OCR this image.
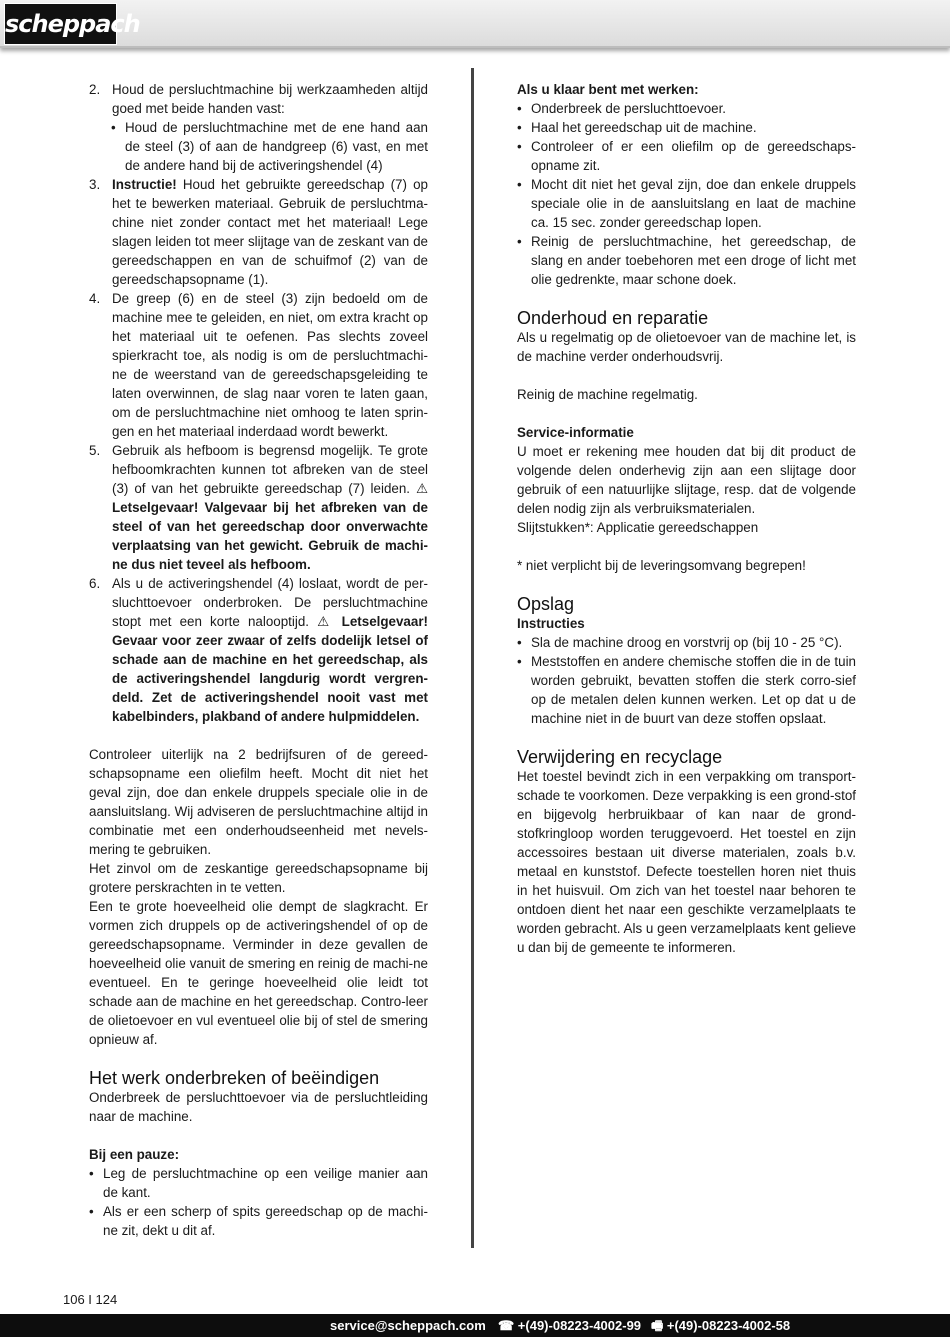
scheppach
2. Houd de persluchtmachine bij werkzaamheden altijd goed met beide handen vast:
• Houd de persluchtmachine met de ene hand aan de steel (3) of aan de handgreep (6) vast, en met de andere hand bij de activeringshendel (4)
3. Instructie! Houd het gebruikte gereedschap (7) op het te bewerken materiaal. Gebruik de persluchtma-chine niet zonder contact met het materiaal! Lege slagen leiden tot meer slijtage van de zeskant van de gereedschappen en van de schuifmof (2) van de gereedschapsopname (1).
4. De greep (6) en de steel (3) zijn bedoeld om de machine mee te geleiden, en niet, om extra kracht op het materiaal uit te oefenen. Pas slechts zoveel spierkracht toe, als nodig is om de persluchtmachi-ne de weerstand van de gereedschapsgeleiding te laten overwinnen, de slag naar voren te laten gaan, om de persluchtmachine niet omhoog te laten sprin-gen en het materiaal inderdaad wordt bewerkt.
5. Gebruik als hefboom is begrensd mogelijk. Te grote hefboomkrachten kunnen tot afbreken van de steel (3) of van het gebruikte gereedschap (7) leiden. ⚠ Letselgevaar! Valgevaar bij het afbreken van de steel of van het gereedschap door onverwachte verplaatsing van het gewicht. Gebruik de machi-ne dus niet teveel als hefboom.
6. Als u de activeringshendel (4) loslaat, wordt de per-sluchttoevoer onderbroken. De persluchtmachine stopt met een korte nalooptijd. ⚠ Letselgevaar! Gevaar voor zeer zwaar of zelfs dodelijk letsel of schade aan de machine en het gereedschap, als de activeringshendel langdurig wordt vergren-deld. Zet de activeringshendel nooit vast met kabelbinders, plakband of andere hulpmiddelen.

Controleer uiterlijk na 2 bedrijfsuren of de gereed-schapsopname een oliefilm heeft. Mocht dit niet het geval zijn, doe dan enkele druppels speciale olie in de aansluitslang. Wij adviseren de persluchtmachine altijd in combinatie met een onderhoudseenheid met nevels-mering te gebruiken.

Het zinvol om de zeskantige gereedschapsopname bij grotere perskrachten in te vetten.

Een te grote hoeveelheid olie dempt de slagkracht. Er vormen zich druppels op de activeringshendel of op de gereedschapsopname. Verminder in deze gevallen de hoeveelheid olie vanuit de smering en reinig de machi-ne eventueel. En te geringe hoeveelheid olie leidt tot schade aan de machine en het gereedschap. Contro-leer de olietoevoer en vul eventueel olie bij of stel de smering opnieuw af.

Het werk onderbreken of beëindigen

Onderbreek de persluchttoevoer via de persluchtleiding naar de machine.

Bij een pauze:
• Leg de persluchtmachine op een veilige manier aan de kant.
• Als er een scherp of spits gereedschap op de machi-ne zit, dekt u dit af.
Als u klaar bent met werken:
• Onderbreek de persluchttoevoer.
• Haal het gereedschap uit de machine.
• Controleer of er een oliefilm op de gereedschaps-opname zit.
• Mocht dit niet het geval zijn, doe dan enkele druppels speciale olie in de aansluitslang en laat de machine ca. 15 sec. zonder gereedschap lopen.
• Reinig de persluchtmachine, het gereedschap, de slang en ander toebehoren met een droge of licht met olie gedrenkte, maar schone doek.
Onderhoud en reparatie

Als u regelmatig op de olietoevoer van de machine let, is de machine verder onderhoudsvrij.

Reinig de machine regelmatig.

Service-informatie

U moet er rekening mee houden dat bij dit product de volgende delen onderhevig zijn aan een slijtage door gebruik of een natuurlijke slijtage, resp. dat de volgende delen nodig zijn als verbruiksmaterialen.

Slijtstukken*: Applicatie gereedschappen

* niet verplicht bij de leveringsomvang begrepen!

Opslag
Instructies
• Sla de machine droog en vorstvrij op (bij 10 - 25 °C).
• Meststoffen en andere chemische stoffen die in de tuin worden gebruikt, bevatten stoffen die sterk corro-sief op de metalen delen kunnen werken. Let op dat u de machine niet in de buurt van deze stoffen opslaat.
Verwijdering en recyclage

Het toestel bevindt zich in een verpakking om transport-schade te voorkomen. Deze verpakking is een grond-stof en bijgevolg herbruikbaar of kan naar de grond-stofkringloop worden teruggevoerd. Het toestel en zijn accessoires bestaan uit diverse materialen, zoals b.v. metaal en kunststof. Defecte toestellen horen niet thuis in het huisvuil. Om zich van het toestel naar behoren te ontdoen dient het naar een geschikte verzamelplaats te worden gebracht. Als u geen verzamelplaats kent gelieve u dan bij de gemeente te informeren.

106 I 124
service@scheppach.com ☎ +(49)-08223-4002-99 🖷 +(49)-08223-4002-58
